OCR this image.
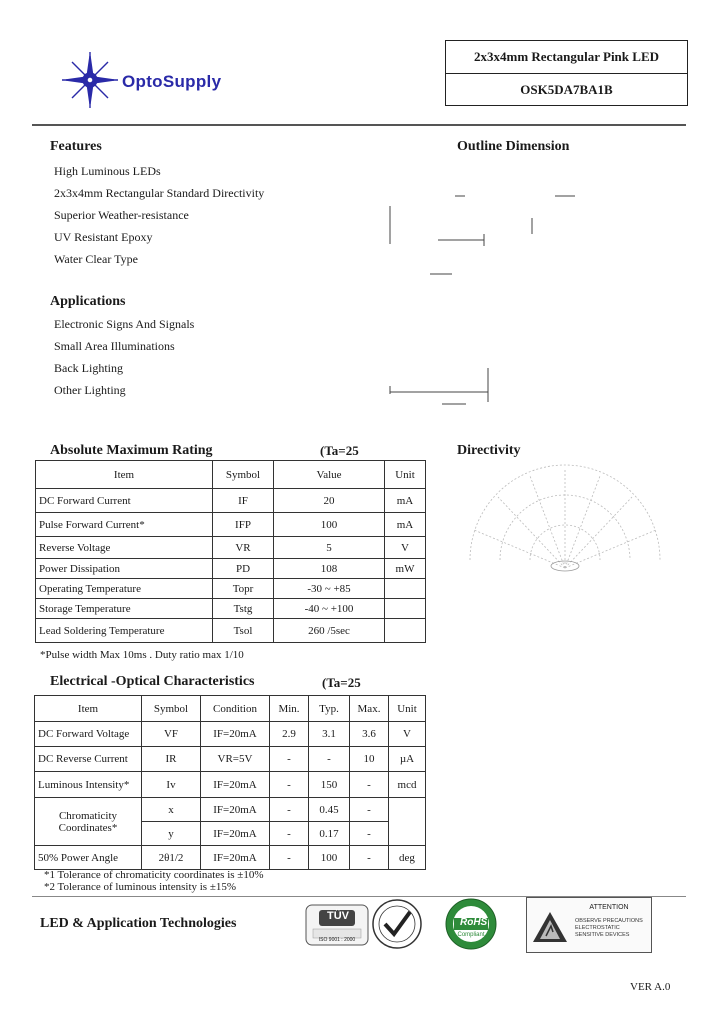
OptoSupply
2x3x4mm Rectangular Pink LED
OSK5DA7BA1B
Features
High Luminous LEDs
2x3x4mm Rectangular Standard Directivity
Superior Weather-resistance
UV Resistant Epoxy
Water Clear Type
Outline Dimension
Applications
Electronic Signs And Signals
Small Area Illuminations
Back Lighting
Other Lighting
Absolute Maximum Rating	(Ta=25
Item	Symbol	Value	Unit
DC Forward Current	IF	20	mA
Pulse Forward Current*	IFP	100	mA
Reverse Voltage	VR	5	V
Power Dissipation	PD	108	mW
Operating Temperature	Topr	-30 ~ +85	
Storage Temperature	Tstg	-40 ~ +100	
Lead Soldering Temperature	Tsol	260 /5sec	
*Pulse width Max 10ms . Duty ratio max 1/10
Directivity
Electrical -Optical Characteristics	(Ta=25
Item	Symbol	Condition	Min.	Typ.	Max.	Unit
DC Forward Voltage	VF	IF=20mA	2.9	3.1	3.6	V
DC Reverse Current	IR	VR=5V	-	-	10	µA
Luminous Intensity*	Iv	IF=20mA	-	150	-	mcd
Chromaticity Coordinates*	x	IF=20mA	-	0.45	-	
	y	IF=20mA	-	0.17	-	
50% Power Angle	2θ1/2	IF=20mA	-	100	-	deg
*1 Tolerance of chromaticity coordinates is ±10%
*2 Tolerance of luminous intensity is ±15%
LED & Application Technologies	TÜV
ISO 9001 : 2000
RoHS
Compliant
ATTENTION
OBSERVE PRECAUTIONS
ELECTROSTATIC
SENSITIVE DEVICES
VER A.0
